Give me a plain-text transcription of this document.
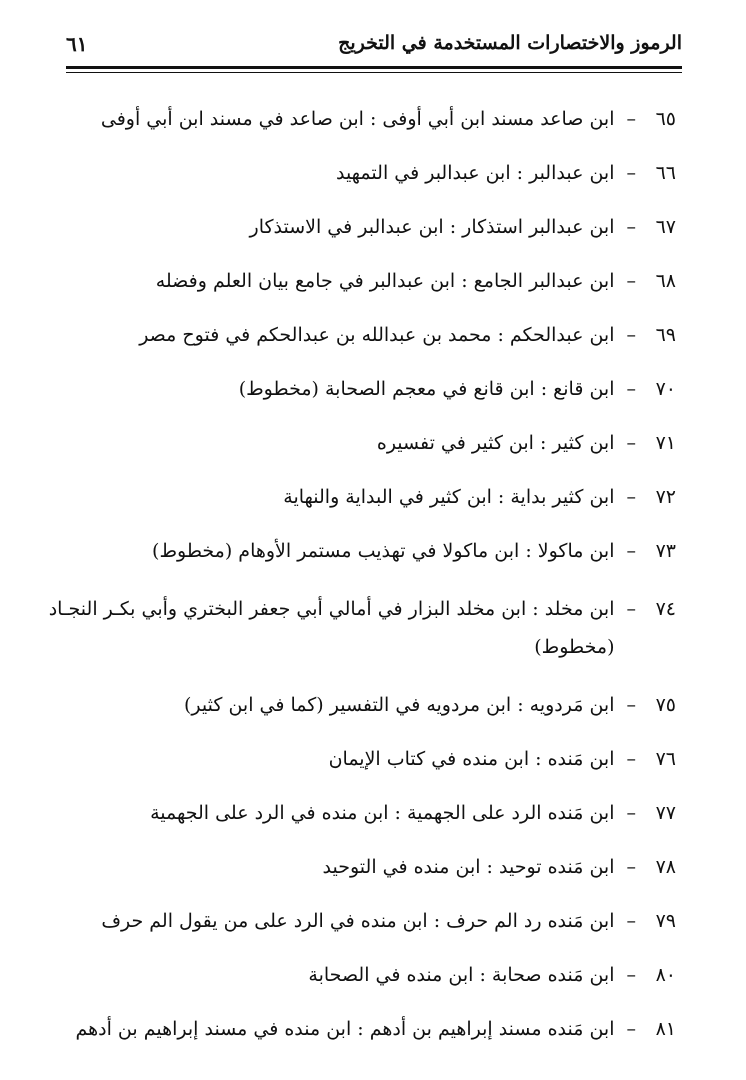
الرموز والاختصارات المستخدمة في التخريج
٦١
٦٥
–
ابن صاعد مسند ابن أبي أوفى : ابن صاعد في مسند ابن أبي أوفى
٦٦
–
ابن عبدالبر : ابن عبدالبر في التمهيد
٦٧
–
ابن عبدالبر استذكار : ابن عبدالبر في الاستذكار
٦٨
–
ابن عبدالبر الجامع : ابن عبدالبر في جامع بيان العلم وفضله
٦٩
–
ابن عبدالحكم : محمد بن عبدالله بن عبدالحكم في فتوح مصر
٧٠
–
ابن قانع : ابن قانع في معجم الصحابة (مخطوط)
٧١
–
ابن كثير : ابن كثير في تفسيره
٧٢
–
ابن كثير بداية : ابن كثير في البداية والنهاية
٧٣
–
ابن ماكولا : ابن ماكولا في تهذيب مستمر الأوهام (مخطوط)
٧٤
–
ابن مخلد : ابن مخلد البزار في أمالي أبي جعفر البختري وأبي بكـر النجـاد (مخطوط)
٧٥
–
ابن مَردويه : ابن مردويه في التفسير (كما في ابن كثير)
٧٦
–
ابن مَنده : ابن منده في كتاب الإيمان
٧٧
–
ابن مَنده الرد على الجهمية : ابن منده في الرد على الجهمية
٧٨
–
ابن مَنده توحيد : ابن منده في التوحيد
٧٩
–
ابن مَنده رد الم حرف : ابن منده في الرد على من يقول الم حرف
٨٠
–
ابن مَنده صحابة : ابن منده في الصحابة
٨١
–
ابن مَنده مسند إبراهيم بن أدهم : ابن منده في مسند إبراهيم بن أدهم
